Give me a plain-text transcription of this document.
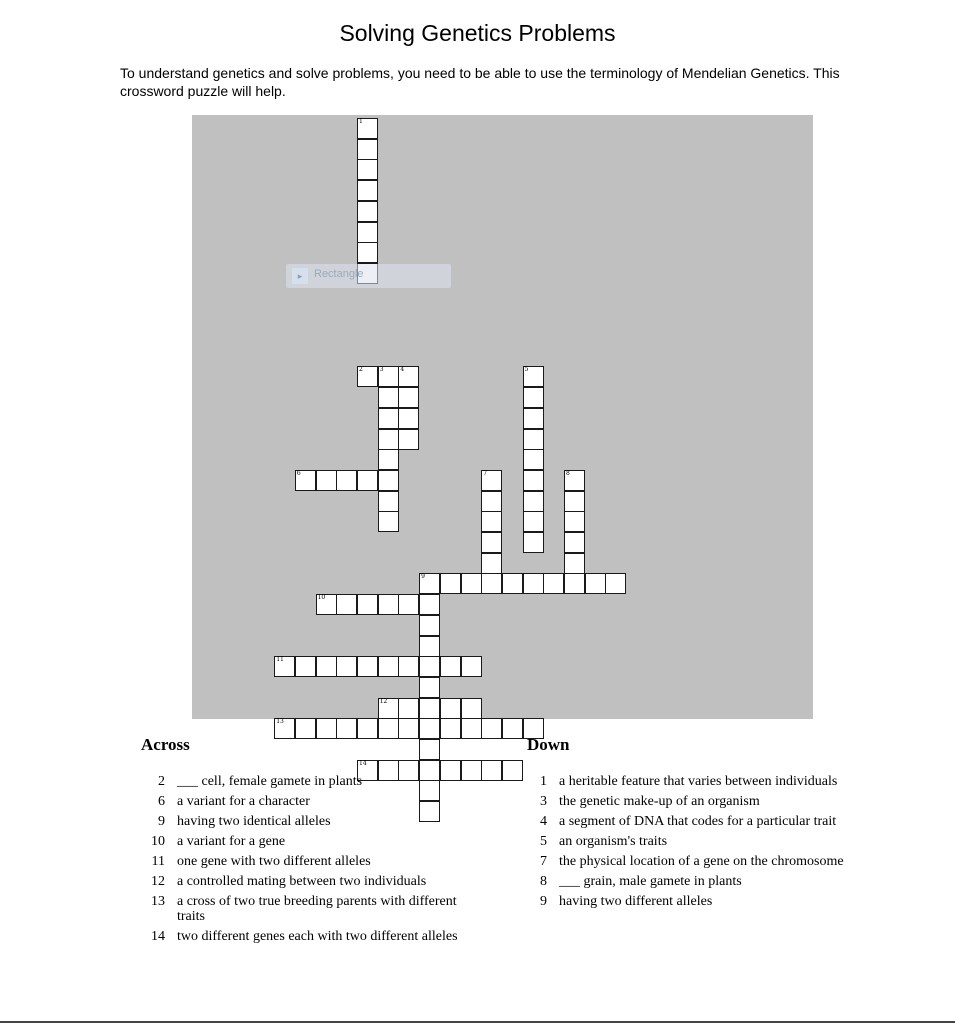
Solving Genetics Problems

To understand genetics and solve problems, you need to be able to use the terminology of Mendelian Genetics. This crossword puzzle will help.

2	3	4
6
9
10
11
12
13
14
1
5
7	8
▸	Rectangle
Across	Down
2 ___ cell, female gamete in plants
6 a variant for a character
9 having two identical alleles
10 a variant for a gene
11 one gene with two different alleles
12 a controlled mating between two individuals
13 a cross of two true breeding parents with different traits
14 two different genes each with two different alleles
1 a heritable feature that varies between individuals
3 the genetic make-up of an organism
4 a segment of DNA that codes for a particular trait
5 an organism's traits
7 the physical location of a gene on the chromosome
8 ___ grain, male gamete in plants
9 having two different alleles
